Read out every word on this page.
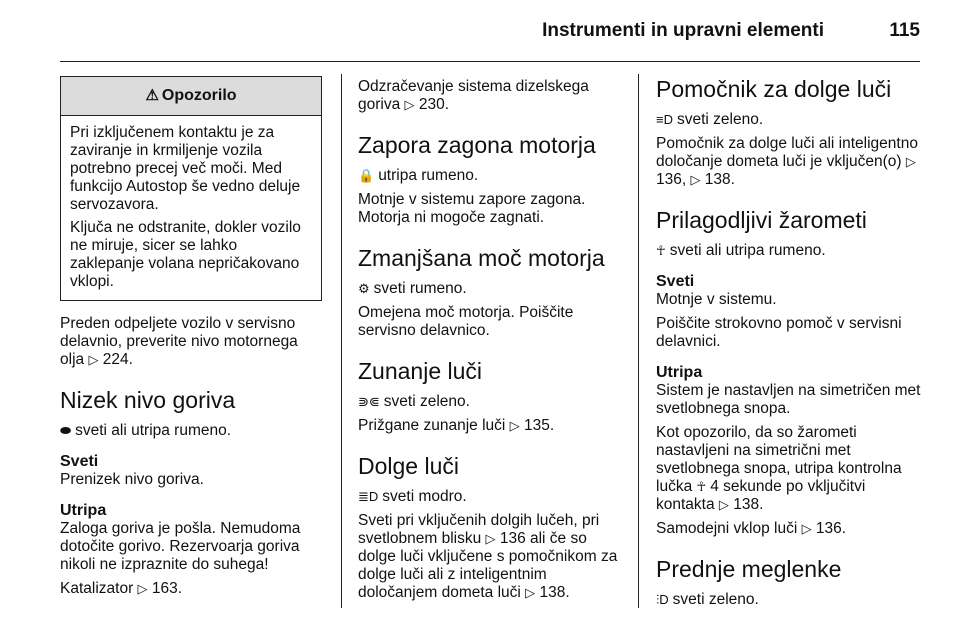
Instrumenti in upravni elementi	115
⚠ Opozorilo

Pri izključenem kontaktu je za zaviranje in krmiljenje vozila potrebno precej več moči. Med funkcijo Autostop še vedno deluje servozavora.

Ključa ne odstranite, dokler vozilo ne miruje, sicer se lahko zaklepanje volana nepričakovano vklopi.

Preden odpeljete vozilo v servisno delavnio, preverite nivo motornega olja ▷ 224.

Nizek nivo goriva

⬬ sveti ali utripa rumeno.

Sveti

Prenizek nivo goriva.

Utripa

Zaloga goriva je pošla. Nemudoma dotočite gorivo. Rezervoarja goriva nikoli ne izpraznite do suhega!

Katalizator ▷ 163.

Odzračevanje sistema dizelskega goriva ▷ 230.

Zapora zagona motorja

🔒 utripa rumeno.

Motnje v sistemu zapore zagona. Motorja ni mogoče zagnati.

Zmanjšana moč motorja

⚙ sveti rumeno.

Omejena moč motorja. Poiščite servisno delavnico.

Zunanje luči

⋑⋐ sveti zeleno.

Prižgane zunanje luči ▷ 135.

Dolge luči

≣D sveti modro.

Sveti pri vključenih dolgih lučeh, pri svetlobnem blisku ▷ 136 ali če so dolge luči vključene s pomočnikom za dolge luči ali z inteligentnim določanjem dometa luči ▷ 138.

Pomočnik za dolge luči

≡D sveti zeleno.

Pomočnik za dolge luči ali inteligentno določanje dometa luči je vključen(o) ▷ 136, ▷ 138.

Prilagodljivi žarometi

☥ sveti ali utripa rumeno.

Sveti

Motnje v sistemu.

Poiščite strokovno pomoč v servisni delavnici.

Utripa

Sistem je nastavljen na simetričen met svetlobnega snopa.

Kot opozorilo, da so žarometi nastavljeni na simetrični met svetlobnega snopa, utripa kontrolna lučka ☥ 4 sekunde po vključitvi kontakta ▷ 138.

Samodejni vklop luči ▷ 136.

Prednje meglenke

⫶D sveti zeleno.
